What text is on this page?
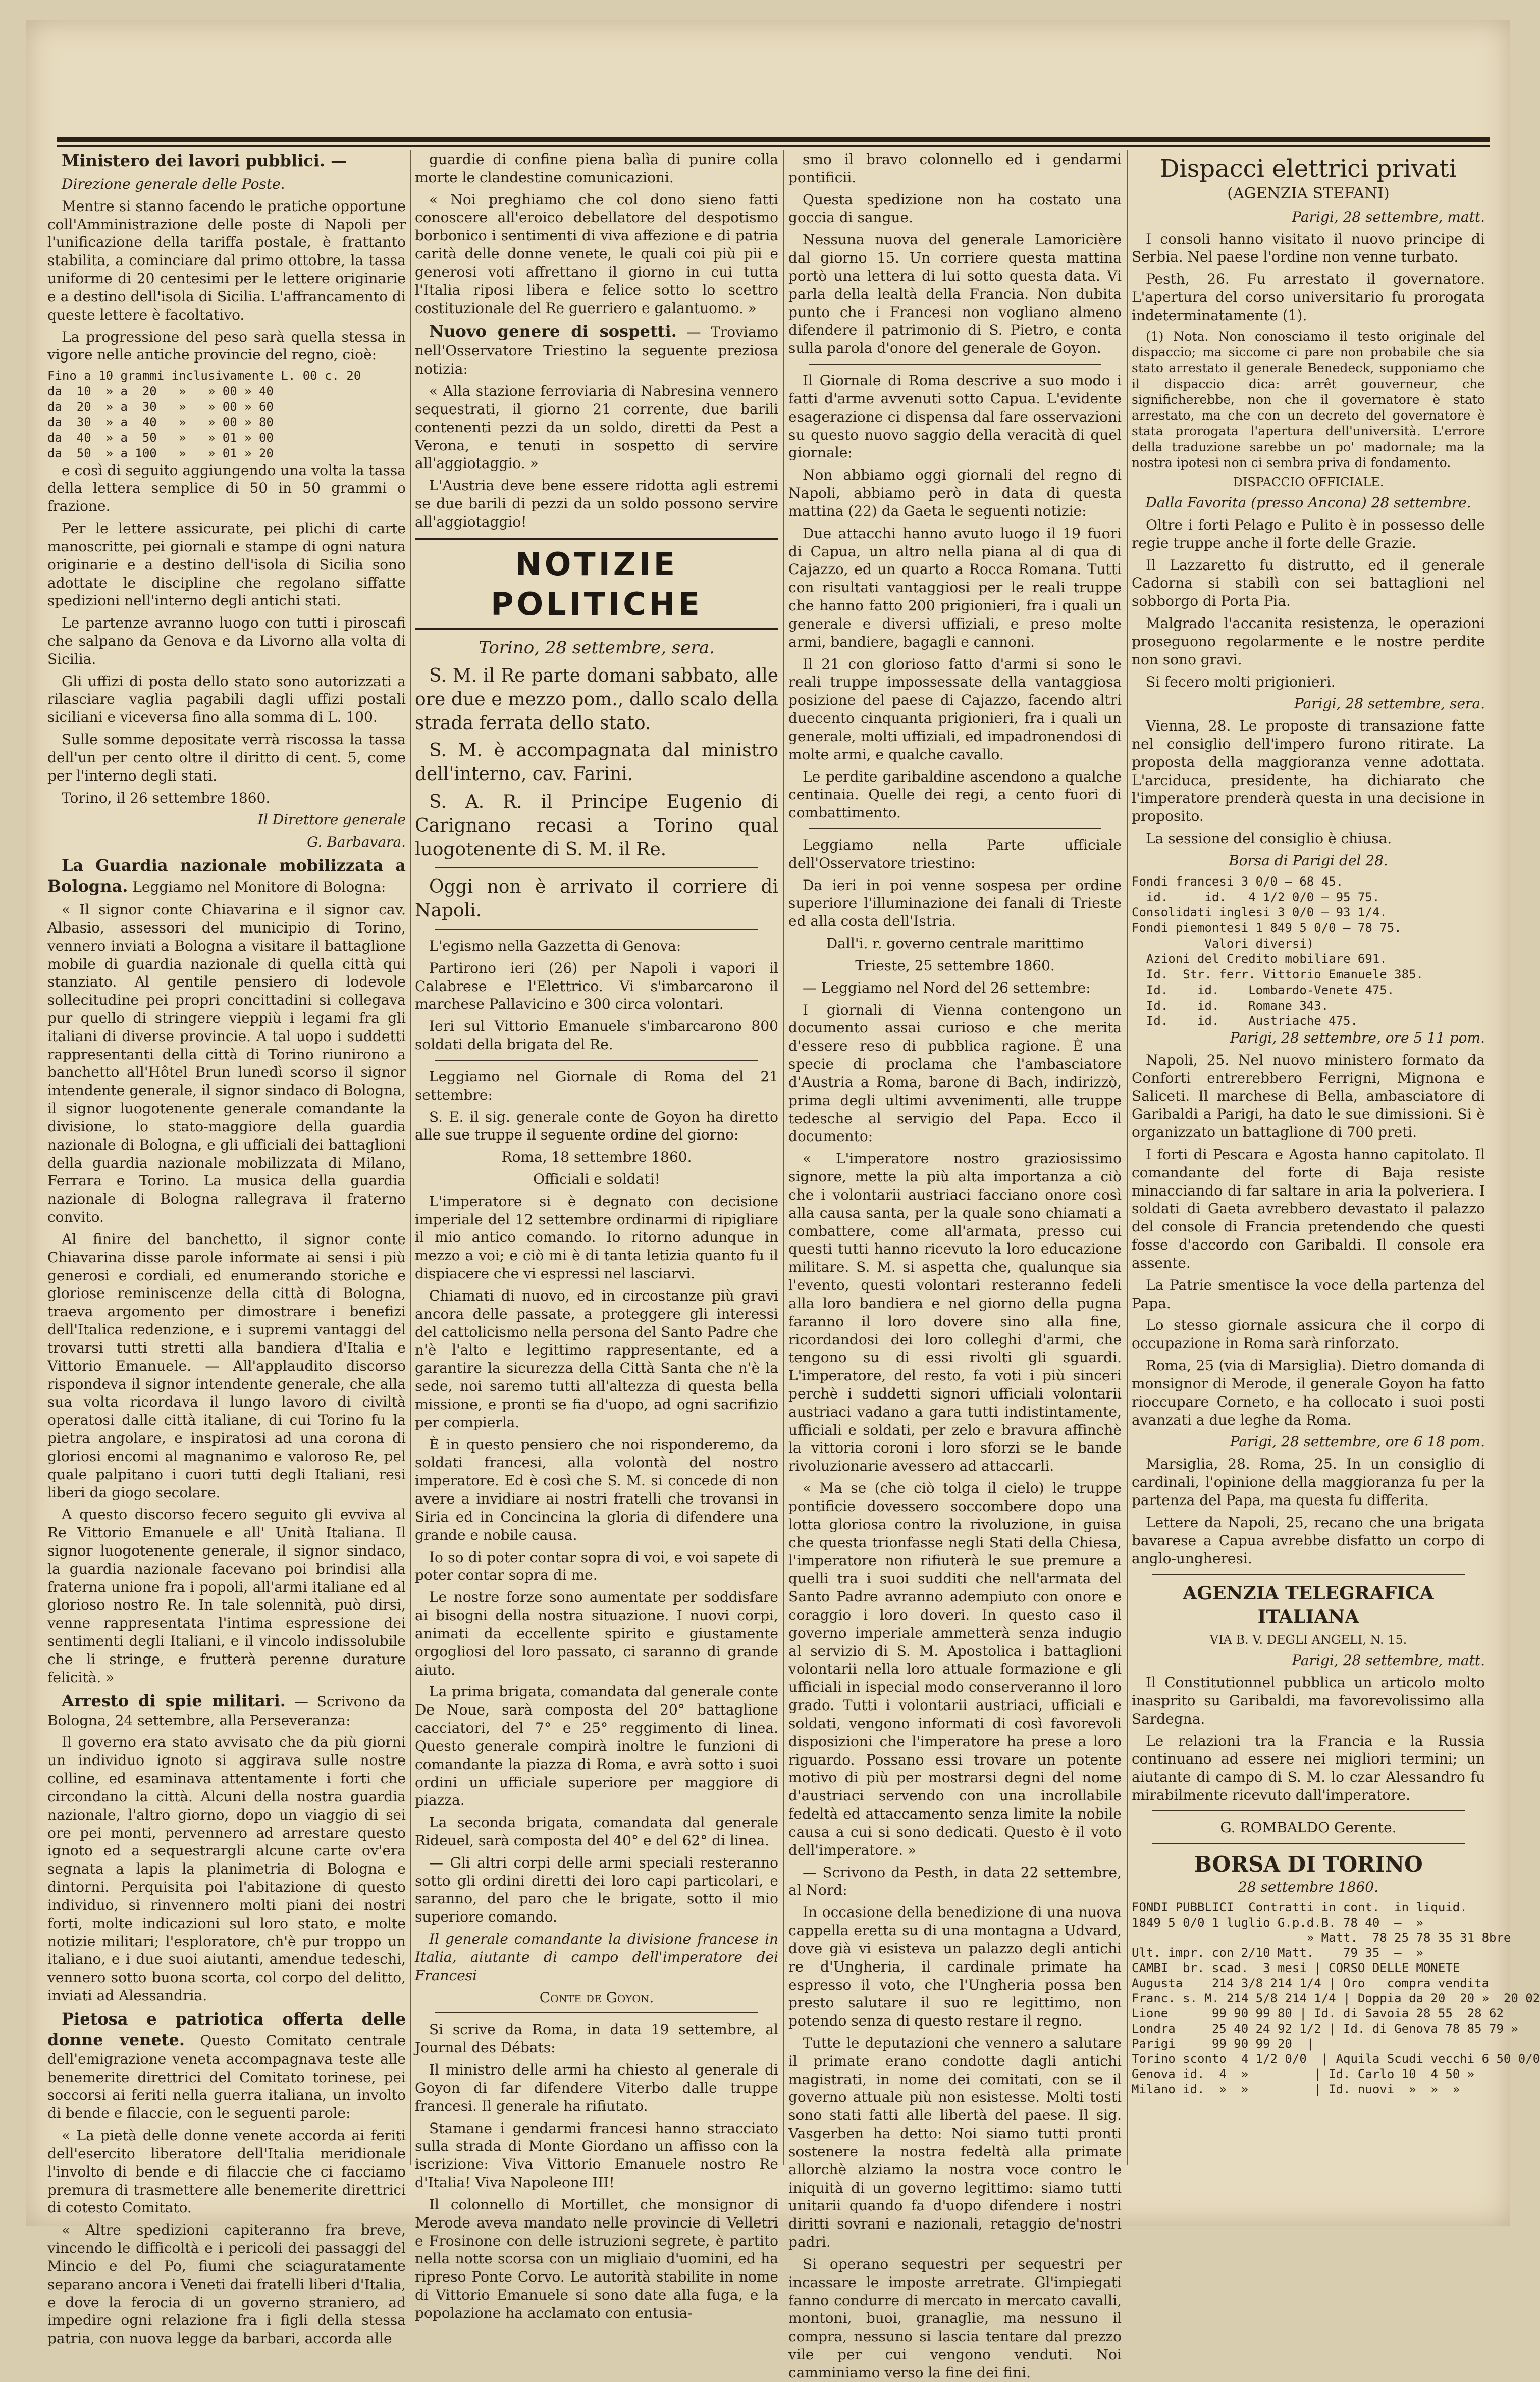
Ministero dei lavori pubblici. —

Direzione generale delle Poste.

Mentre si stanno facendo le pratiche opportune coll'Amministrazione delle poste di Napoli per l'unificazione della tariffa postale, è frattanto stabilita, a cominciare dal primo ottobre, la tassa uniforme di 20 centesimi per le lettere originarie e a destino dell'isola di Sicilia. L'affrancamento di queste lettere è facoltativo.

La progressione del peso sarà quella stessa in vigore nelle antiche provincie del regno, cioè:

Fino a 10 grammi inclusivamente L. 00 c. 20

da  10  » a  20   »   » 00 » 40

da  20  » a  30   »   » 00 » 60

da  30  » a  40   »   » 00 » 80

da  40  » a  50   »   » 01 » 00

da  50  » a 100   »   » 01 » 20

e così di seguito aggiungendo una volta la tassa della lettera semplice di 50 in 50 grammi o frazione.

Per le lettere assicurate, pei plichi di carte manoscritte, pei giornali e stampe di ogni natura originarie e a destino dell'isola di Sicilia sono adottate le discipline che regolano siffatte spedizioni nell'interno degli antichi stati.

Le partenze avranno luogo con tutti i piroscafi che salpano da Genova e da Livorno alla volta di Sicilia.

Gli uffizi di posta dello stato sono autorizzati a rilasciare vaglia pagabili dagli uffizi postali siciliani e viceversa fino alla somma di L. 100.

Sulle somme depositate verrà riscossa la tassa dell'un per cento oltre il diritto di cent. 5, come per l'interno degli stati.

Torino, il 26 settembre 1860.

Il Direttore generale

G. Barbavara.

La Guardia nazionale mobilizzata a Bologna. Leggiamo nel Monitore di Bologna:

« Il signor conte Chiavarina e il signor cav. Albasio, assessori del municipio di Torino, vennero inviati a Bologna a visitare il battaglione mobile di guardia nazionale di quella città qui stanziato. Al gentile pensiero di lodevole sollecitudine pei propri concittadini si collegava pur quello di stringere vieppiù i legami fra gli italiani di diverse provincie. A tal uopo i suddetti rappresentanti della città di Torino riunirono a banchetto all'Hôtel Brun lunedì scorso il signor intendente generale, il signor sindaco di Bologna, il signor luogotenente generale comandante la divisione, lo stato-maggiore della guardia nazionale di Bologna, e gli ufficiali dei battaglioni della guardia nazionale mobilizzata di Milano, Ferrara e Torino. La musica della guardia nazionale di Bologna rallegrava il fraterno convito.

Al finire del banchetto, il signor conte Chiavarina disse parole informate ai sensi i più generosi e cordiali, ed enumerando storiche e gloriose reminiscenze della città di Bologna, traeva argomento per dimostrare i benefizi dell'Italica redenzione, e i supremi vantaggi del trovarsi tutti stretti alla bandiera d'Italia e Vittorio Emanuele. — All'applaudito discorso rispondeva il signor intendente generale, che alla sua volta ricordava il lungo lavoro di civiltà operatosi dalle città italiane, di cui Torino fu la pietra angolare, e inspiratosi ad una corona di gloriosi encomi al magnanimo e valoroso Re, pel quale palpitano i cuori tutti degli Italiani, resi liberi da giogo secolare.

A questo discorso fecero seguito gli evviva al Re Vittorio Emanuele e all' Unità Italiana. Il signor luogotenente generale, il signor sindaco, la guardia nazionale facevano poi brindisi alla fraterna unione fra i popoli, all'armi italiane ed al glorioso nostro Re. In tale solennità, può dirsi, venne rappresentata l'intima espressione dei sentimenti degli Italiani, e il vincolo indissolubile che li stringe, e frutterà perenne durature felicità. »

Arresto di spie militari. — Scrivono da Bologna, 24 settembre, alla Perseveranza:

Il governo era stato avvisato che da più giorni un individuo ignoto si aggirava sulle nostre colline, ed esaminava attentamente i forti che circondano la città. Alcuni della nostra guardia nazionale, l'altro giorno, dopo un viaggio di sei ore pei monti, pervennero ad arrestare questo ignoto ed a sequestrargli alcune carte ov'era segnata a lapis la planimetria di Bologna e dintorni. Perquisita poi l'abitazione di questo individuo, si rinvennero molti piani dei nostri forti, molte indicazioni sul loro stato, e molte notizie militari; l'esploratore, ch'è pur troppo un italiano, e i due suoi aiutanti, amendue tedeschi, vennero sotto buona scorta, col corpo del delitto, inviati ad Alessandria.

Pietosa e patriotica offerta delle donne venete. Questo Comitato centrale dell'emigrazione veneta accompagnava teste alle benemerite direttrici del Comitato torinese, pei soccorsi ai feriti nella guerra italiana, un involto di bende e filaccie, con le seguenti parole:

« La pietà delle donne venete accorda ai feriti dell'esercito liberatore dell'Italia meridionale l'involto di bende e di filaccie che ci facciamo premura di trasmettere alle benemerite direttrici di cotesto Comitato.

« Altre spedizioni capiteranno fra breve, vincendo le difficoltà e i pericoli dei passaggi del Mincio e del Po, fiumi che sciaguratamente separano ancora i Veneti dai fratelli liberi d'Italia, e dove la ferocia di un governo straniero, ad impedire ogni relazione fra i figli della stessa patria, con nuova legge da barbari, accorda alle

guardie di confine piena balìa di punire colla morte le clandestine comunicazioni.

« Noi preghiamo che col dono sieno fatti conoscere all'eroico debellatore del despotismo borbonico i sentimenti di viva affezione e di patria carità delle donne venete, le quali coi più pii e generosi voti affrettano il giorno in cui tutta l'Italia riposi libera e felice sotto lo scettro costituzionale del Re guerriero e galantuomo. »

Nuovo genere di sospetti. — Troviamo nell'Osservatore Triestino la seguente preziosa notizia:

« Alla stazione ferroviaria di Nabresina vennero sequestrati, il giorno 21 corrente, due barili contenenti pezzi da un soldo, diretti da Pest a Verona, e tenuti in sospetto di servire all'aggiotaggio. »

L'Austria deve bene essere ridotta agli estremi se due barili di pezzi da un soldo possono servire all'aggiotaggio!

NOTIZIE POLITICHE

Torino, 28 settembre, sera.

S. M. il Re parte domani sabbato, alle ore due e mezzo pom., dallo scalo della strada ferrata dello stato.

S. M. è accompagnata dal ministro dell'interno, cav. Farini.

S. A. R. il Principe Eugenio di Carignano recasi a Torino qual luogotenente di S. M. il Re.

Oggi non è arrivato il corriere di Napoli.

L'egismo nella Gazzetta di Genova:

Partirono ieri (26) per Napoli i vapori il Calabrese e l'Elettrico. Vi s'imbarcarono il marchese Pallavicino e 300 circa volontari.

Ieri sul Vittorio Emanuele s'imbarcarono 800 soldati della brigata del Re.

Leggiamo nel Giornale di Roma del 21 settembre:

S. E. il sig. generale conte de Goyon ha diretto alle sue truppe il seguente ordine del giorno:

Roma, 18 settembre 1860.

Officiali e soldati!

L'imperatore si è degnato con decisione imperiale del 12 settembre ordinarmi di ripigliare il mio antico comando. Io ritorno adunque in mezzo a voi; e ciò mi è di tanta letizia quanto fu il dispiacere che vi espressi nel lasciarvi.

Chiamati di nuovo, ed in circostanze più gravi ancora delle passate, a proteggere gli interessi del cattolicismo nella persona del Santo Padre che n'è l'alto e legittimo rappresentante, ed a garantire la sicurezza della Città Santa che n'è la sede, noi saremo tutti all'altezza di questa bella missione, e pronti se fia d'uopo, ad ogni sacrifizio per compierla.

È in questo pensiero che noi risponderemo, da soldati francesi, alla volontà del nostro imperatore. Ed è così che S. M. si concede di non avere a invidiare ai nostri fratelli che trovansi in Siria ed in Concincina la gloria di difendere una grande e nobile causa.

Io so di poter contar sopra di voi, e voi sapete di poter contar sopra di me.

Le nostre forze sono aumentate per soddisfare ai bisogni della nostra situazione. I nuovi corpi, animati da eccellente spirito e giustamente orgogliosi del loro passato, ci saranno di grande aiuto.

La prima brigata, comandata dal generale conte De Noue, sarà composta del 20° battaglione cacciatori, del 7° e 25° reggimento di linea. Questo generale compirà inoltre le funzioni di comandante la piazza di Roma, e avrà sotto i suoi ordini un ufficiale superiore per maggiore di piazza.

La seconda brigata, comandata dal generale Rideuel, sarà composta del 40° e del 62° di linea.

— Gli altri corpi delle armi speciali resteranno sotto gli ordini diretti dei loro capi particolari, e saranno, del paro che le brigate, sotto il mio superiore comando.

Il generale comandante la divisione francese in Italia, aiutante di campo dell'imperatore dei Francesi

Conte de Goyon.

Si scrive da Roma, in data 19 settembre, al Journal des Débats:

Il ministro delle armi ha chiesto al generale di Goyon di far difendere Viterbo dalle truppe francesi. Il generale ha rifiutato.

Stamane i gendarmi francesi hanno stracciato sulla strada di Monte Giordano un affisso con la iscrizione: Viva Vittorio Emanuele nostro Re d'Italia! Viva Napoleone III!

Il colonnello di Mortillet, che monsignor di Merode aveva mandato nelle provincie di Velletri e Frosinone con delle istruzioni segrete, è partito nella notte scorsa con un migliaio d'uomini, ed ha ripreso Ponte Corvo. Le autorità stabilite in nome di Vittorio Emanuele si sono date alla fuga, e la popolazione ha acclamato con entusia-

smo il bravo colonnello ed i gendarmi pontificii.

Questa spedizione non ha costato una goccia di sangue.

Nessuna nuova del generale Lamoricière dal giorno 15. Un corriere questa mattina portò una lettera di lui sotto questa data. Vi parla della lealtà della Francia. Non dubita punto che i Francesi non vogliano almeno difendere il patrimonio di S. Pietro, e conta sulla parola d'onore del generale de Goyon.

Il Giornale di Roma descrive a suo modo i fatti d'arme avvenuti sotto Capua. L'evidente esagerazione ci dispensa dal fare osservazioni su questo nuovo saggio della veracità di quel giornale:

Non abbiamo oggi giornali del regno di Napoli, abbiamo però in data di questa mattina (22) da Gaeta le seguenti notizie:

Due attacchi hanno avuto luogo il 19 fuori di Capua, un altro nella piana al di qua di Cajazzo, ed un quarto a Rocca Romana. Tutti con risultati vantaggiosi per le reali truppe che hanno fatto 200 prigionieri, fra i quali un generale e diversi uffiziali, e preso molte armi, bandiere, bagagli e cannoni.

Il 21 con glorioso fatto d'armi si sono le reali truppe impossessate della vantaggiosa posizione del paese di Cajazzo, facendo altri duecento cinquanta prigionieri, fra i quali un generale, molti uffiziali, ed impadronendosi di molte armi, e qualche cavallo.

Le perdite garibaldine ascendono a qualche centinaia. Quelle dei regi, a cento fuori di combattimento.

Leggiamo nella Parte ufficiale dell'Osservatore triestino:

Da ieri in poi venne sospesa per ordine superiore l'illuminazione dei fanali di Trieste ed alla costa dell'Istria.

Dall'i. r. governo centrale marittimo

Trieste, 25 settembre 1860.

— Leggiamo nel Nord del 26 settembre:

I giornali di Vienna contengono un documento assai curioso e che merita d'essere reso di pubblica ragione. È una specie di proclama che l'ambasciatore d'Austria a Roma, barone di Bach, indirizzò, prima degli ultimi avvenimenti, alle truppe tedesche al servigio del Papa. Ecco il documento:

« L'imperatore nostro graziosissimo signore, mette la più alta importanza a ciò che i volontarii austriaci facciano onore così alla causa santa, per la quale sono chiamati a combattere, come all'armata, presso cui questi tutti hanno ricevuto la loro educazione militare. S. M. si aspetta che, qualunque sia l'evento, questi volontari resteranno fedeli alla loro bandiera e nel giorno della pugna faranno il loro dovere sino alla fine, ricordandosi dei loro colleghi d'armi, che tengono su di essi rivolti gli sguardi. L'imperatore, del resto, fa voti i più sinceri perchè i suddetti signori ufficiali volontarii austriaci vadano a gara tutti indistintamente, ufficiali e soldati, per zelo e bravura affinchè la vittoria coroni i loro sforzi se le bande rivoluzionarie avessero ad attaccarli.

« Ma se (che ciò tolga il cielo) le truppe pontificie dovessero soccombere dopo una lotta gloriosa contro la rivoluzione, in guisa che questa trionfasse negli Stati della Chiesa, l'imperatore non rifiuterà le sue premure a quelli tra i suoi sudditi che nell'armata del Santo Padre avranno adempiuto con onore e coraggio i loro doveri. In questo caso il governo imperiale ammetterà senza indugio al servizio di S. M. Apostolica i battaglioni volontarii nella loro attuale formazione e gli ufficiali in ispecial modo conserveranno il loro grado. Tutti i volontarii austriaci, ufficiali e soldati, vengono informati di così favorevoli disposizioni che l'imperatore ha prese a loro riguardo. Possano essi trovare un potente motivo di più per mostrarsi degni del nome d'austriaci servendo con una incrollabile fedeltà ed attaccamento senza limite la nobile causa a cui si sono dedicati. Questo è il voto dell'imperatore. »

— Scrivono da Pesth, in data 22 settembre, al Nord:

In occasione della benedizione di una nuova cappella eretta su di una montagna a Udvard, dove già vi esisteva un palazzo degli antichi re d'Ungheria, il cardinale primate ha espresso il voto, che l'Ungheria possa ben presto salutare il suo re legittimo, non potendo senza di questo restare il regno.

Tutte le deputazioni che vennero a salutare il primate erano condotte dagli antichi magistrati, in nome dei comitati, con se il governo attuale più non esistesse. Molti tosti sono stati fatti alle libertà del paese. Il sig. Vasgerben ha detto: Noi siamo tutti pronti sostenere la nostra fedeltà alla primate allorchè alziamo la nostra voce contro le iniquità di un governo legittimo: siamo tutti unitarii quando fa d'uopo difendere i nostri diritti sovrani e nazionali, retaggio de'nostri padri.

Si operano sequestri per sequestri per incassare le imposte arretrate. Gl'impiegati fanno condurre di mercato in mercato cavalli, montoni, buoi, granaglie, ma nessuno il compra, nessuno si lascia tentare dal prezzo vile per cui vengono venduti. Noi camminiamo verso la fine dei fini.

Dispacci elettrici privati

(AGENZIA STEFANI)

Parigi, 28 settembre, matt.

I consoli hanno visitato il nuovo principe di Serbia. Nel paese l'ordine non venne turbato.

Pesth, 26. Fu arrestato il governatore. L'apertura del corso universitario fu prorogata indeterminatamente (1).

(1) Nota. Non conosciamo il testo originale del dispaccio; ma siccome ci pare non probabile che sia stato arrestato il generale Benedeck, supponiamo che il dispaccio dica: arrêt gouverneur, che significherebbe, non che il governatore è stato arrestato, ma che con un decreto del governatore è stata prorogata l'apertura dell'università. L'errore della traduzione sarebbe un po' madornale; ma la nostra ipotesi non ci sembra priva di fondamento.

DISPACCIO OFFICIALE.

Dalla Favorita (presso Ancona) 28 settembre.

Oltre i forti Pelago e Pulito è in possesso delle regie truppe anche il forte delle Grazie.

Il Lazzaretto fu distrutto, ed il generale Cadorna si stabilì con sei battaglioni nel sobborgo di Porta Pia.

Malgrado l'accanita resistenza, le operazioni proseguono regolarmente e le nostre perdite non sono gravi.

Si fecero molti prigionieri.

Parigi, 28 settembre, sera.

Vienna, 28. Le proposte di transazione fatte nel consiglio dell'impero furono ritirate. La proposta della maggioranza venne adottata. L'arciduca, presidente, ha dichiarato che l'imperatore prenderà questa in una decisione in proposito.

La sessione del consiglio è chiusa.

Borsa di Parigi del 28.

Fondi francesi 3 0/0 — 68 45.

id.     id.   4 1/2 0/0 — 95 75.

Consolidati inglesi 3 0/0 — 93 1/4.

Fondi piemontesi 1 849 5 0/0 — 78 75.

Valori diversi)

Azioni del Credito mobiliare 691.

Id.  Str. ferr. Vittorio Emanuele 385.

Id.    id.    Lombardo-Venete 475.

Id.    id.    Romane 343.

Id.    id.    Austriache 475.

Parigi, 28 settembre, ore 5 11 pom.

Napoli, 25. Nel nuovo ministero formato da Conforti entrerebbero Ferrigni, Mignona e Saliceti. Il marchese di Bella, ambasciatore di Garibaldi a Parigi, ha dato le sue dimissioni. Si è organizzato un battaglione di 700 preti.

I forti di Pescara e Agosta hanno capitolato. Il comandante del forte di Baja resiste minacciando di far saltare in aria la polveriera. I soldati di Gaeta avrebbero devastato il palazzo del console di Francia pretendendo che questi fosse d'accordo con Garibaldi. Il console era assente.

La Patrie smentisce la voce della partenza del Papa.

Lo stesso giornale assicura che il corpo di occupazione in Roma sarà rinforzato.

Roma, 25 (via di Marsiglia). Dietro domanda di monsignor di Merode, il generale Goyon ha fatto rioccupare Corneto, e ha collocato i suoi posti avanzati a due leghe da Roma.

Parigi, 28 settembre, ore 6 18 pom.

Marsiglia, 28. Roma, 25. In un consiglio di cardinali, l'opinione della maggioranza fu per la partenza del Papa, ma questa fu differita.

Lettere da Napoli, 25, recano che una brigata bavarese a Capua avrebbe disfatto un corpo di anglo-ungheresi.

AGENZIA TELEGRAFICA ITALIANA

VIA B. V. DEGLI ANGELI, N. 15.

Parigi, 28 settembre, matt.

Il Constitutionnel pubblica un articolo molto inasprito su Garibaldi, ma favorevolissimo alla Sardegna.

Le relazioni tra la Francia e la Russia continuano ad essere nei migliori termini; un aiutante di campo di S. M. lo czar Alessandro fu mirabilmente ricevuto dall'imperatore.

G. ROMBALDO Gerente.

BORSA DI TORINO

28 settembre 1860.

FONDI PUBBLICI  Contratti in cont.  in liquid.

1849 5 0/0 1 luglio G.p.d.B. 78 40  —  »

» Matt.  78 25 78 35 31 8bre

Ult. impr. con 2/10 Matt.    79 35  —  »

CAMBI  br. scad.  3 mesi | CORSO DELLE MONETE

Augusta    214 3/8 214 1/4 | Oro   compra vendita

Franc. s. M. 214 5/8 214 1/4 | Doppia da 20  20 »  20 02

Lione      99 90 99 80 | Id. di Savoia 28 55  28 62

Londra     25 40 24 92 1/2 | Id. di Genova 78 85 79 »

Parigi     99 90 99 20  |

Torino sconto  4 1/2 0/0  | Aquila Scudi vecchi 6 50 0/0

Genova id.  4  »         | Id. Carlo 10  4 50 »

Milano id.  »  »         | Id. nuovi  »  »  »
